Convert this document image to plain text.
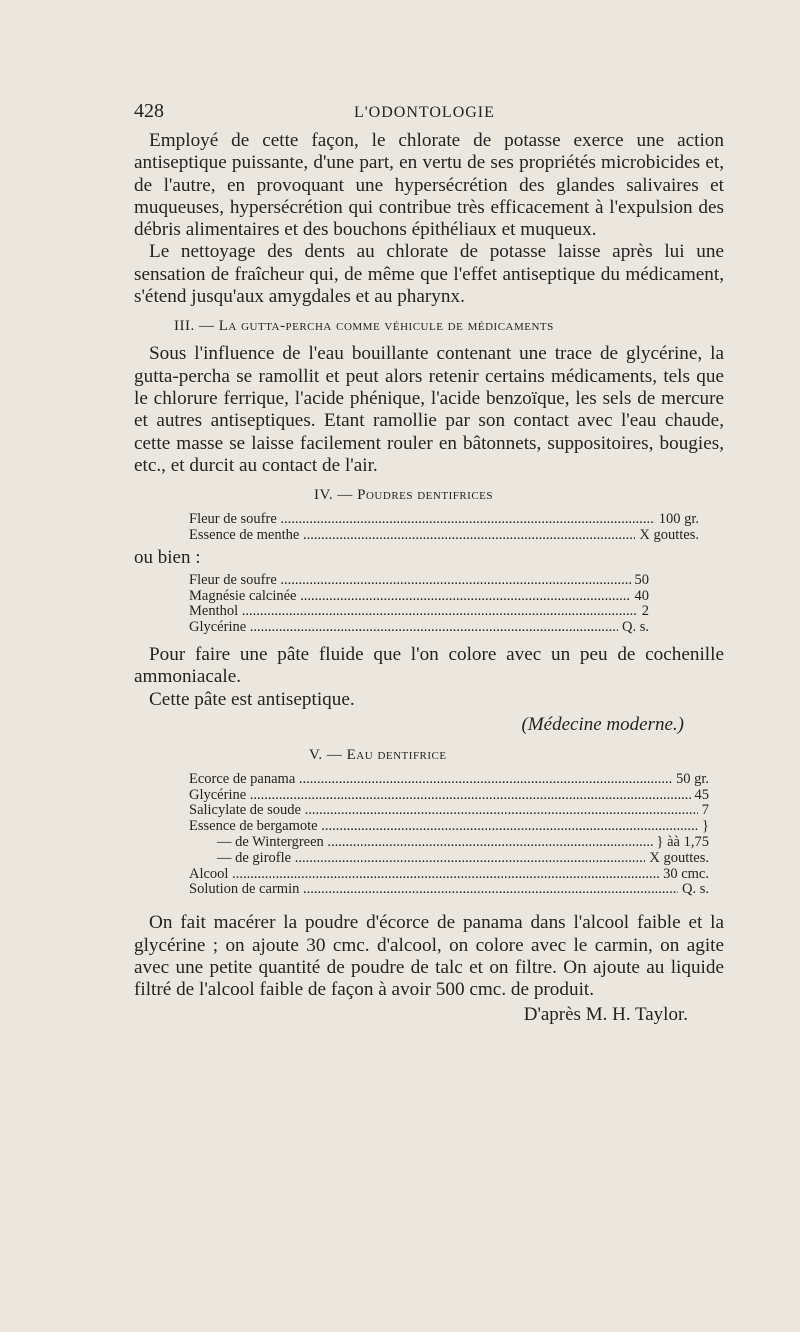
428	L'ODONTOLOGIE

Employé de cette façon, le chlorate de potasse exerce une action antiseptique puissante, d'une part, en vertu de ses propriétés microbicides et, de l'autre, en provoquant une hypersécrétion des glandes salivaires et muqueuses, hypersécrétion qui contribue très efficacement à l'expulsion des débris alimentaires et des bouchons épithéliaux et muqueux.

Le nettoyage des dents au chlorate de potasse laisse après lui une sensation de fraîcheur qui, de même que l'effet antiseptique du médicament, s'étend jusqu'aux amygdales et au pharynx.

III. — La gutta-percha comme véhicule de médicaments

Sous l'influence de l'eau bouillante contenant une trace de glycérine, la gutta-percha se ramollit et peut alors retenir certains médicaments, tels que le chlorure ferrique, l'acide phénique, l'acide benzoïque, les sels de mercure et autres antiseptiques. Etant ramollie par son contact avec l'eau chaude, cette masse se laisse facilement rouler en bâtonnets, suppositoires, bougies, etc., et durcit au contact de l'air.

IV. — Poudres dentifrices
Fleur de soufre .....	100 gr.
Essence de menthe .....	X gouttes.
ou bien :
Fleur de soufre .....	50
Magnésie calcinée .....	40
Menthol .....	2
Glycérine .....	Q. s.

Pour faire une pâte fluide que l'on colore avec un peu de cochenille ammoniacale.

Cette pâte est antiseptique.

(Médecine moderne.)
V. — Eau dentifrice
Ecorce de panama .....	50 gr.
Glycérine .....	45
Salicylate de soude .....	7
Essence de bergamote .....	}
— de Wintergreen .....	} àà 1,75
— de girofle .....	X gouttes.
Alcool .....	30 cmc.
Solution de carmin .....	Q. s.

On fait macérer la poudre d'écorce de panama dans l'alcool faible et la glycérine ; on ajoute 30 cmc. d'alcool, on colore avec le carmin, on agite avec une petite quantité de poudre de talc et on filtre. On ajoute au liquide filtré de l'alcool faible de façon à avoir 500 cmc. de produit.

D'après M. H. Taylor.
